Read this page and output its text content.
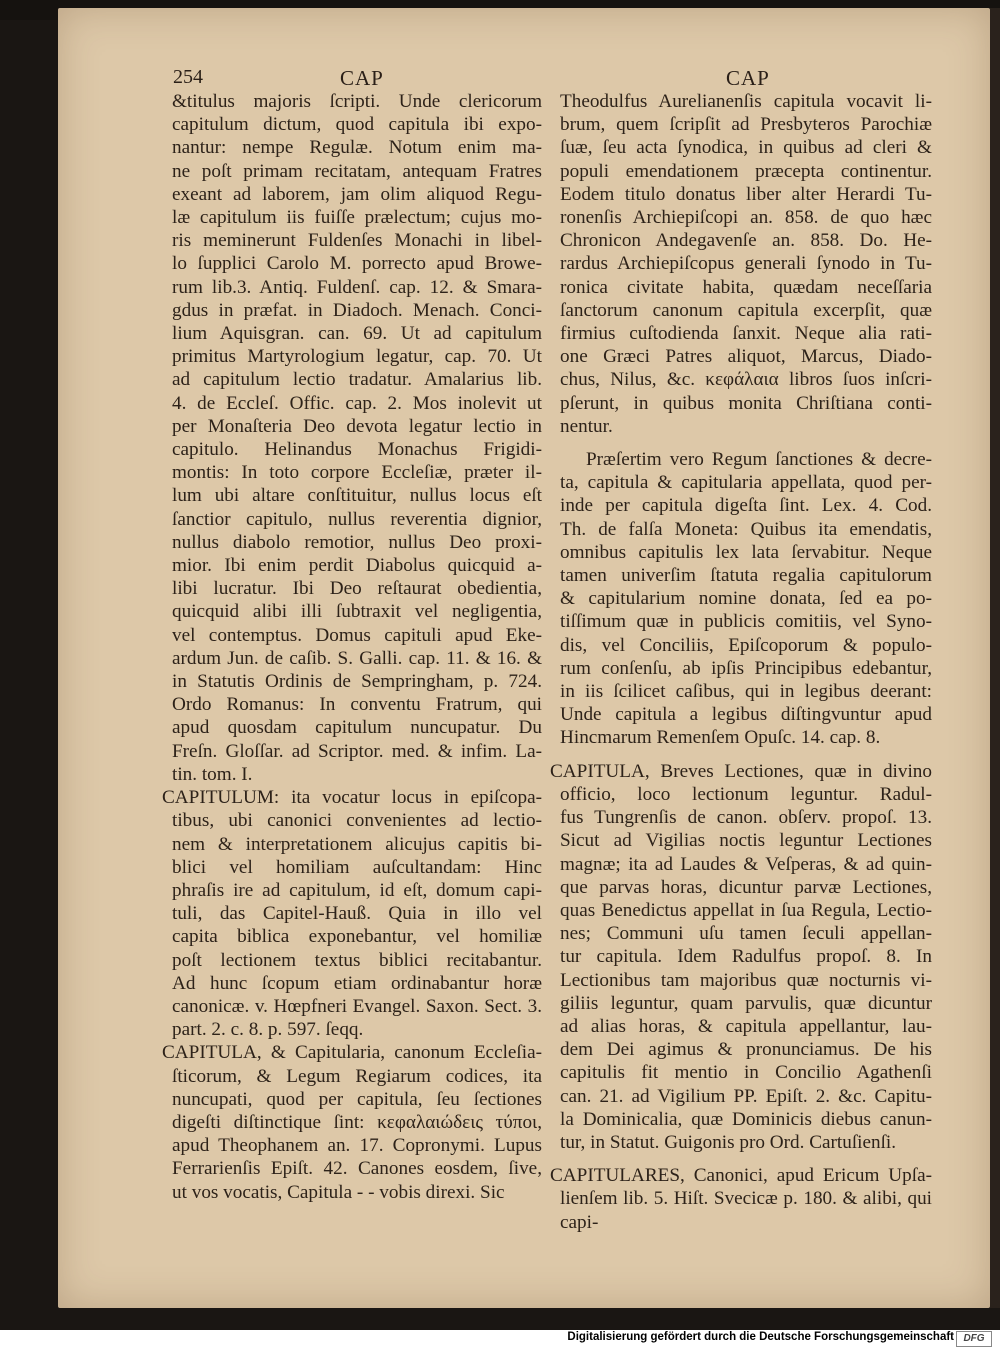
254	CAP	CAP
&titulus majoris ſcripti. Unde clericorum
capitulum dictum, quod capitula ibi expo-
nantur: nempe Regulæ. Notum enim ma-
ne poſt primam recitatam, antequam Fratres
exeant ad laborem, jam olim aliquod Regu-
læ capitulum iis fuiſſe prælectum; cujus mo-
ris meminerunt Fuldenſes Monachi in libel-
lo ſupplici Carolo M. porrecto apud Browe-
rum lib.3. Antiq. Fuldenſ. cap. 12. & Smara-
gdus in præfat. in Diadoch. Menach. Conci-
lium Aquisgran. can. 69. Ut ad capitulum
primitus Martyrologium legatur, cap. 70. Ut
ad capitulum lectio tradatur. Amalarius lib.
4. de Eccleſ. Offic. cap. 2. Mos inolevit ut
per Monaſteria Deo devota legatur lectio in
capitulo. Helinandus Monachus Frigidi-
montis: In toto corpore Eccleſiæ, præter il-
lum ubi altare conſtituitur, nullus locus eſt
ſanctior capitulo, nullus reverentia dignior,
nullus diabolo remotior, nullus Deo proxi-
mior. Ibi enim perdit Diabolus quicquid a-
libi lucratur. Ibi Deo reſtaurat obedientia,
quicquid alibi illi ſubtraxit vel negligentia,
vel contemptus. Domus capituli apud Eke-
ardum Jun. de caſib. S. Galli. cap. 11. & 16. &
in Statutis Ordinis de Sempringham, p. 724.
Ordo Romanus: In conventu Fratrum, qui
apud quosdam capitulum nuncupatur. Du
Freſn. Gloſſar. ad Scriptor. med. & infim. La-
tin. tom. I.
CAPITULUM: ita vocatur locus in epiſcopa-
tibus, ubi canonici convenientes ad lectio-
nem & interpretationem alicujus capitis bi-
blici vel homiliam auſcultandam: Hinc
phraſis ire ad capitulum, id eſt, domum capi-
tuli, das Capitel-Hauß. Quia in illo vel
capita biblica exponebantur, vel homiliæ
poſt lectionem textus biblici recitabantur.
Ad hunc ſcopum etiam ordinabantur horæ
canonicæ. v. Hœpfneri Evangel. Saxon. Sect. 3.
part. 2. c. 8. p. 597. ſeqq.
CAPITULA, & Capitularia, canonum Eccleſia-
ſticorum, & Legum Regiarum codices, ita
nuncupati, quod per capitula, ſeu ſectiones
digeſti diſtinctique ſint: κεφαλαιώδεις τύποι,
apud Theophanem an. 17. Copronymi. Lupus
Ferrarienſis Epiſt. 42. Canones eosdem, ſive,
ut vos vocatis, Capitula - - vobis direxi. Sic
Theodulfus Aurelianenſis capitula vocavit li-
brum, quem ſcripſit ad Presbyteros Parochiæ
ſuæ, ſeu acta ſynodica, in quibus ad cleri &
populi emendationem præcepta continentur.
Eodem titulo donatus liber alter Herardi Tu-
ronenſis Archiepiſcopi an. 858. de quo hæc
Chronicon Andegavenſe an. 858. Do. He-
rardus Archiepiſcopus generali ſynodo in Tu-
ronica civitate habita, quædam neceſſaria
ſanctorum canonum capitula excerpſit, quæ
firmius cuſtodienda ſanxit. Neque alia rati-
one Græci Patres aliquot, Marcus, Diado-
chus, Nilus, &c. κεφάλαια libros ſuos inſcri-
pſerunt, in quibus monita Chriſtiana conti-
nentur.
Præſertim vero Regum ſanctiones & decre-
ta, capitula & capitularia appellata, quod per-
inde per capitula digeſta ſint. Lex. 4. Cod.
Th. de falſa Moneta: Quibus ita emendatis,
omnibus capitulis lex lata ſervabitur. Neque
tamen univerſim ſtatuta regalia capitulorum
& capitularium nomine donata, ſed ea po-
tiſſimum quæ in publicis comitiis, vel Syno-
dis, vel Conciliis, Epiſcoporum & populo-
rum conſenſu, ab ipſis Principibus edebantur,
in iis ſcilicet caſibus, qui in legibus deerant:
Unde capitula a legibus diſtingvuntur apud
Hincmarum Remenſem Opuſc. 14. cap. 8.
CAPITULA, Breves Lectiones, quæ in divino
officio, loco lectionum leguntur. Radul-
fus Tungrenſis de canon. obſerv. propoſ. 13.
Sicut ad Vigilias noctis leguntur Lectiones
magnæ; ita ad Laudes & Veſperas, & ad quin-
que parvas horas, dicuntur parvæ Lectiones,
quas Benedictus appellat in ſua Regula, Lectio-
nes; Communi uſu tamen ſeculi appellan-
tur capitula. Idem Radulfus propoſ. 8. In
Lectionibus tam majoribus quæ nocturnis vi-
giliis leguntur, quam parvulis, quæ dicuntur
ad alias horas, & capitula appellantur, lau-
dem Dei agimus & pronunciamus. De his
capitulis fit mentio in Concilio Agathenſi
can. 21. ad Vigilium PP. Epiſt. 2. &c. Capitu-
la Dominicalia, quæ Dominicis diebus canun-
tur, in Statut. Guigonis pro Ord. Cartuſienſi.
CAPITULARES, Canonici, apud Ericum Upſa-
lienſem lib. 5. Hiſt. Svecicæ p. 180. & alibi, qui
capi-
Digitalisierung gefördert durch die Deutsche Forschungsgemeinschaft DFG
